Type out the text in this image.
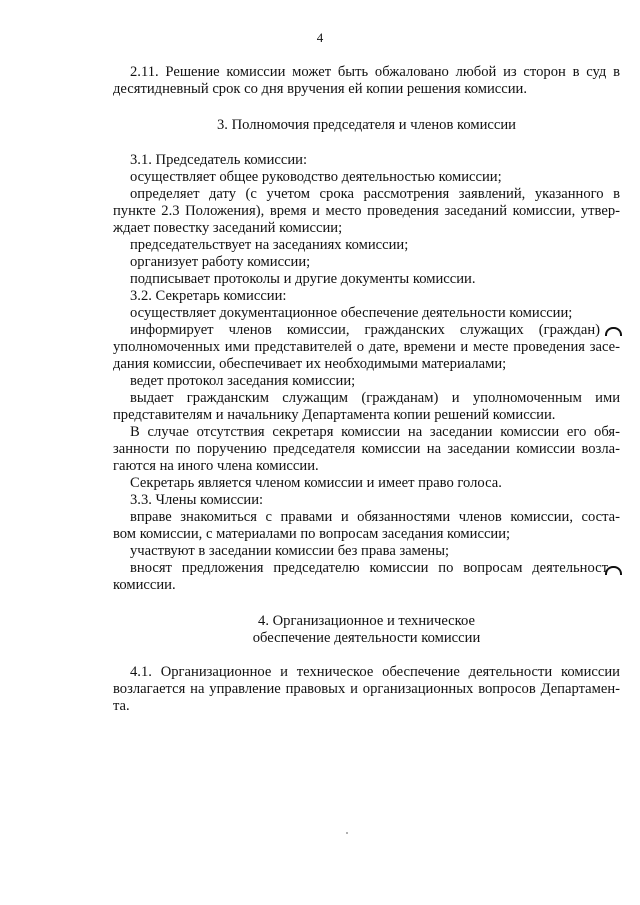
4
2.11. Решение комиссии может быть обжаловано любой из сторон в суд в
десятидневный срок со дня вручения ей копии решения комиссии.
3. Полномочия председателя и членов комиссии
3.1. Председатель комиссии:
осуществляет общее руководство деятельностью комиссии;
определяет дату (с учетом срока рассмотрения заявлений, указанного в
пункте 2.3 Положения), время и место проведения заседаний комиссии, утвер-
ждает повестку заседаний комиссии;
председательствует на заседаниях комиссии;
организует работу комиссии;
подписывает протоколы и другие документы комиссии.
3.2. Секретарь комиссии:
осуществляет документационное обеспечение деятельности комиссии;
информирует членов комиссии, гражданских служащих (граждан)
уполномоченных ими представителей о дате, времени и месте проведения засе-
дания комиссии, обеспечивает их необходимыми материалами;
ведет протокол заседания комиссии;
выдает гражданским служащим (гражданам) и уполномоченным ими
представителям и начальнику Департамента копии решений комиссии.
В случае отсутствия секретаря комиссии на заседании комиссии его обя-
занности по поручению председателя комиссии на заседании комиссии возла-
гаются на иного члена комиссии.
Секретарь является членом комиссии и имеет право голоса.
3.3. Члены комиссии:
вправе знакомиться с правами и обязанностями членов комиссии, соста-
вом комиссии, с материалами по вопросам заседания комиссии;
участвуют в заседании комиссии без права замены;
вносят предложения председателю комиссии по вопросам деятельност
комиссии.
4. Организационное и техническое
обеспечение деятельности комиссии
4.1. Организационное и техническое обеспечение деятельности комиссии
возлагается на управление правовых и организационных вопросов Департамен-
та.
